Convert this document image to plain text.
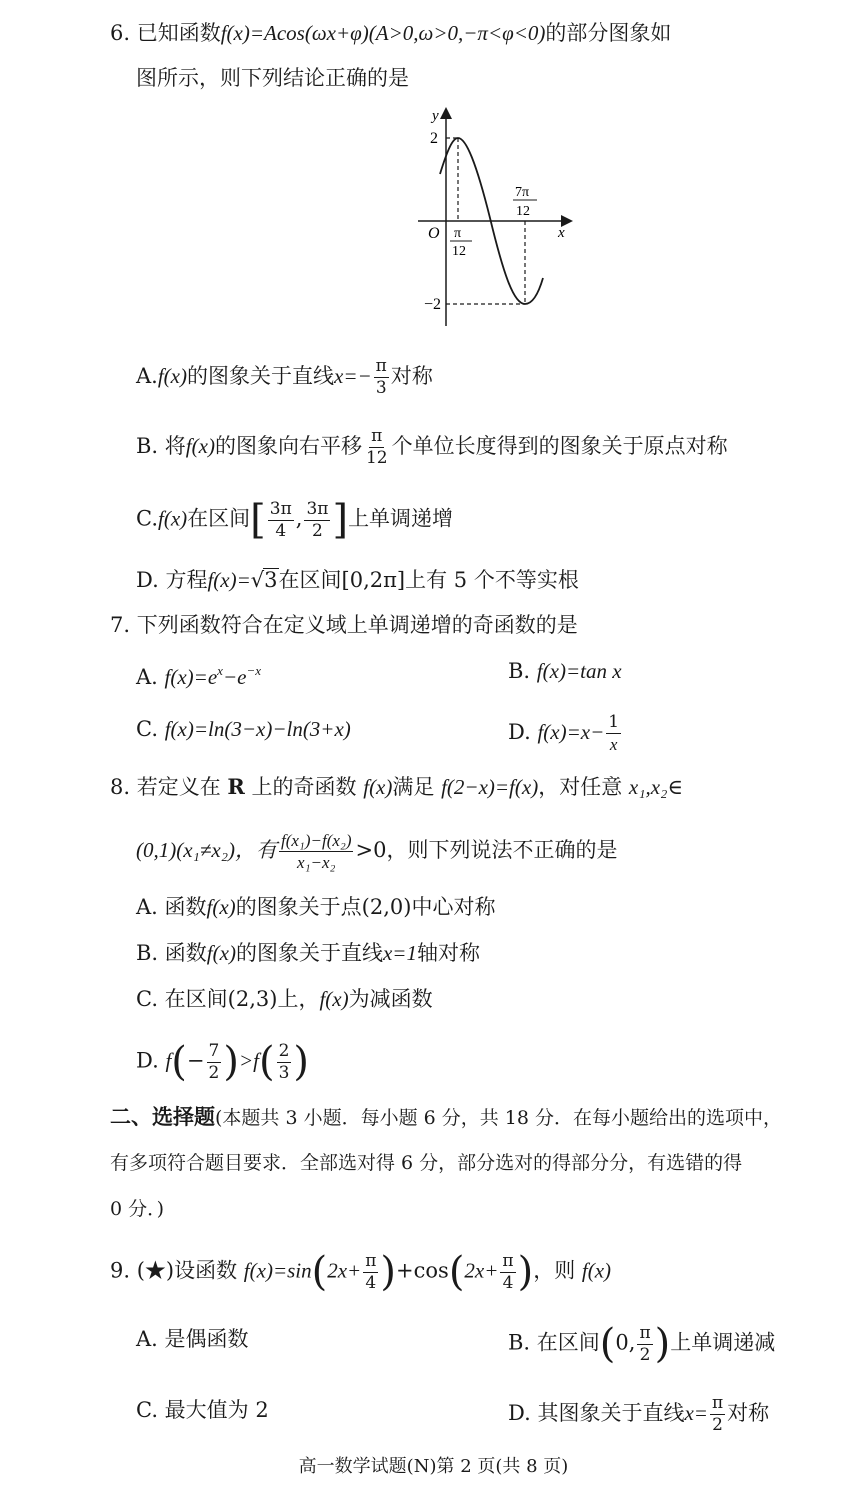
6. 已知函数f(x)=Acos(ωx+φ)(A>0,ω>0,−π<φ<0)的部分图象如
图所示，则下列结论正确的是
y
x
O
2
−2
π
12
7π
12
A.f(x)的图象关于直线$x=- \frac{\pi}{3}$ 对称
B. 将f(x)的图象向右平移 $\frac{\pi}{12}$ 个单位长度得到的图象关于原点对称
C.f(x)在区间[ $\frac{3\pi}{4}$ , $\frac{3\pi}{2}$ ]上单调递增
D. 方程f(x)=√3在区间[0,2π]上有 5 个不等实根
7. 下列函数符合在定义域上单调递增的奇函数的是
A. $f(x)=e^x-e^{-x}$	B. f(x)=tan x
C. f(x)=ln(3−x)−ln(3+x)	D. $f(x)=x- \frac{1}{x}$
8. 若定义在 R 上的奇函数 f(x)满足 f(2−x)=f(x)，对任意 x₁,x₂∈
(0,1)(x₁≠x₂)，有 $\frac{\text{f(x₁)−f(x₂)}}{\text{x₁−x₂}} >0$，则下列说法不正确的是
A. 函数f(x)的图象关于点(2,0)中心对称
B. 函数f(x)的图象关于直线x=1轴对称
C. 在区间(2,3)上，f(x)为减函数
D. $f(- \frac{7}{2} )>f( \frac{2}{3}$ )
二、选择题(本题共 3 小题．每小题 6 分，共 18 分．在每小题给出的选项中，
有多项符合题目要求．全部选对得 6 分，部分选对的得部分分，有选错的得
0 分．)
9. (★)设函数 $f(x)=\sin(2x+ \frac{\pi}{4} )+\cos(2x+ \frac{\pi}{4}$ )，则 f(x)
A. 是偶函数	B. 在区间(0, $\frac{\pi}{2}$ )上单调递减
C. 最大值为 2	D. 其图象关于直线$x= \frac{\pi}{2}$ 对称
高一数学试题(N)第 2 页(共 8 页)
